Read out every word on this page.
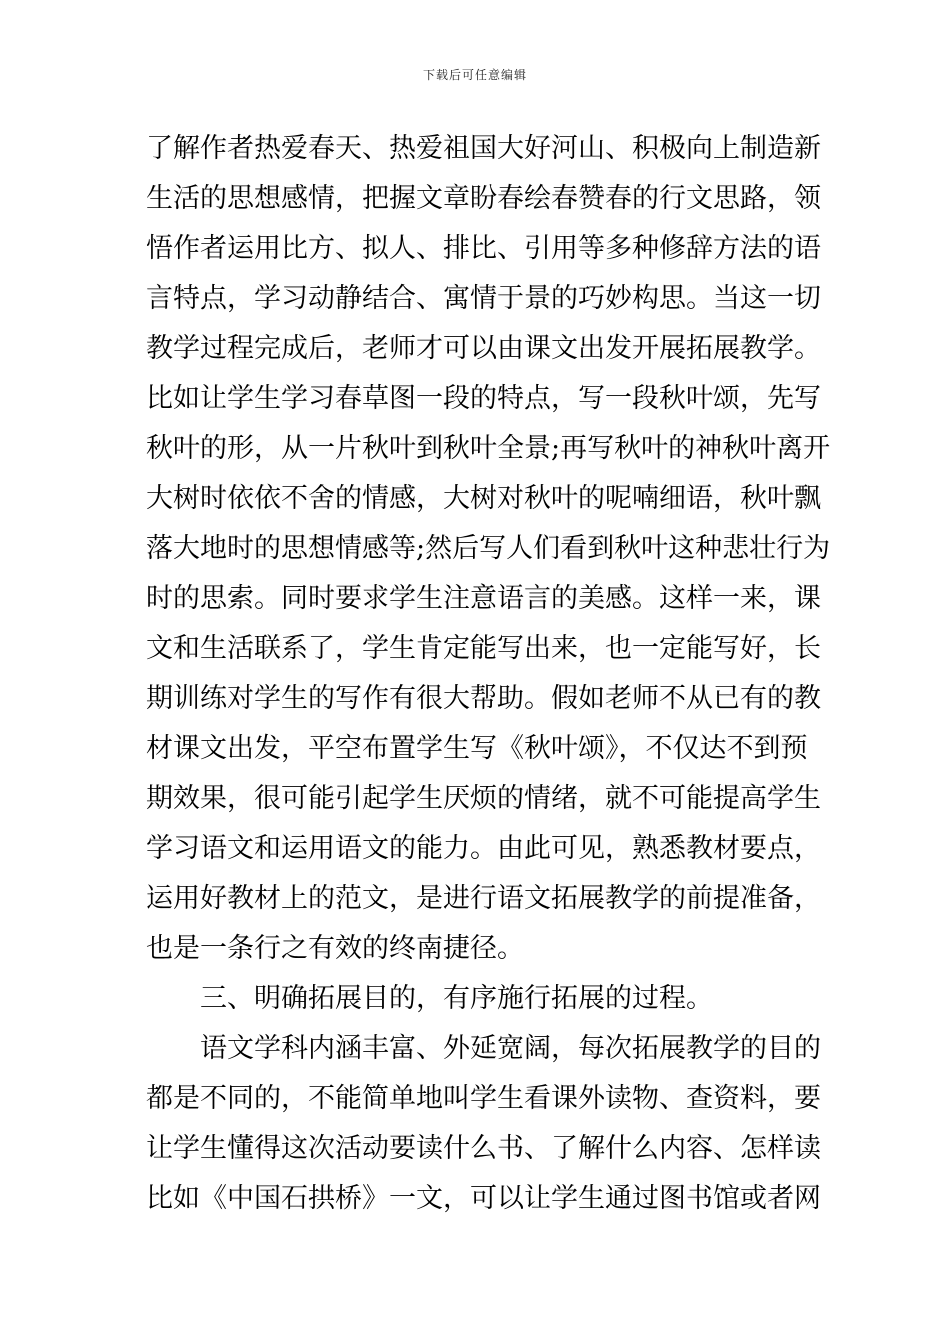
下载后可任意编辑
了解作者热爱春天、热爱祖国大好河山、积极向上制造新
生活的思想感情，把握文章盼春绘春赞春的行文思路，领
悟作者运用比方、拟人、排比、引用等多种修辞方法的语
言特点，学习动静结合、寓情于景的巧妙构思。当这一切
教学过程完成后，老师才可以由课文出发开展拓展教学。
比如让学生学习春草图一段的特点，写一段秋叶颂，先写
秋叶的形，从一片秋叶到秋叶全景;再写秋叶的神秋叶离开
大树时依依不舍的情感，大树对秋叶的呢喃细语，秋叶飘
落大地时的思想情感等;然后写人们看到秋叶这种悲壮行为
时的思索。同时要求学生注意语言的美感。这样一来，课
文和生活联系了，学生肯定能写出来，也一定能写好，长
期训练对学生的写作有很大帮助。假如老师不从已有的教
材课文出发，平空布置学生写《秋叶颂》，不仅达不到预
期效果，很可能引起学生厌烦的情绪，就不可能提高学生
学习语文和运用语文的能力。由此可见，熟悉教材要点，
运用好教材上的范文，是进行语文拓展教学的前提准备，
也是一条行之有效的终南捷径。
三、明确拓展目的，有序施行拓展的过程。
语文学科内涵丰富、外延宽阔，每次拓展教学的目的
都是不同的，不能简单地叫学生看课外读物、查资料，要
让学生懂得这次活动要读什么书、了解什么内容、怎样读
比如《中国石拱桥》一文，可以让学生通过图书馆或者网
